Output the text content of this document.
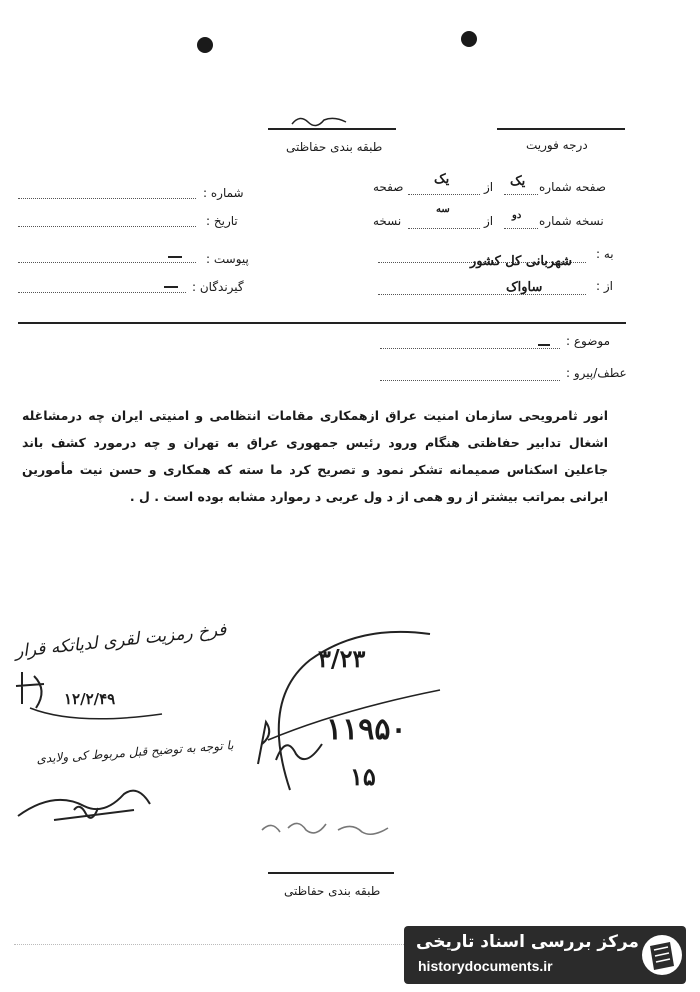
طبقه بندی حفاظتی	درجه فوریت
صفحه شماره
یک
از
یک
صفحه
نسخه شماره
دو
از
سه
نسخه
به :
شهربانی کل کشور
از :
ساواک
شماره :
تاریخ :
پیوست :
گیرندگان :
موضوع :
عطف/پیرو :
انور ثامرویحی سازمان امنیت عراق ازهمکاری مقامات انتظامی و امنیتی ایران چه درمشاغله اشغال تدابیر حفاظتی هنگام ورود رئیس جمهوری عراق به تهران و چه درمورد کشف باند جاعلین اسکناس صمیمانه تشکر نمود و تصریح کرد ما سته که همکاری و حسن نیت مأمورین ایرانی بمراتب بیشتر از رو همی از د ول عربی د رموارد مشابه بوده است . ل .
فرخ رمزیت لقری لدیاتکه قرار
۱۲/۲/۴۹
۳/۲۳
۱۱۹۵۰
۱۵
با توجه به توضیح قبل مربوط کی ولایدی
طبقه بندی حفاظتی
مرکز بررسی اسناد تاریخی
historydocuments.ir
